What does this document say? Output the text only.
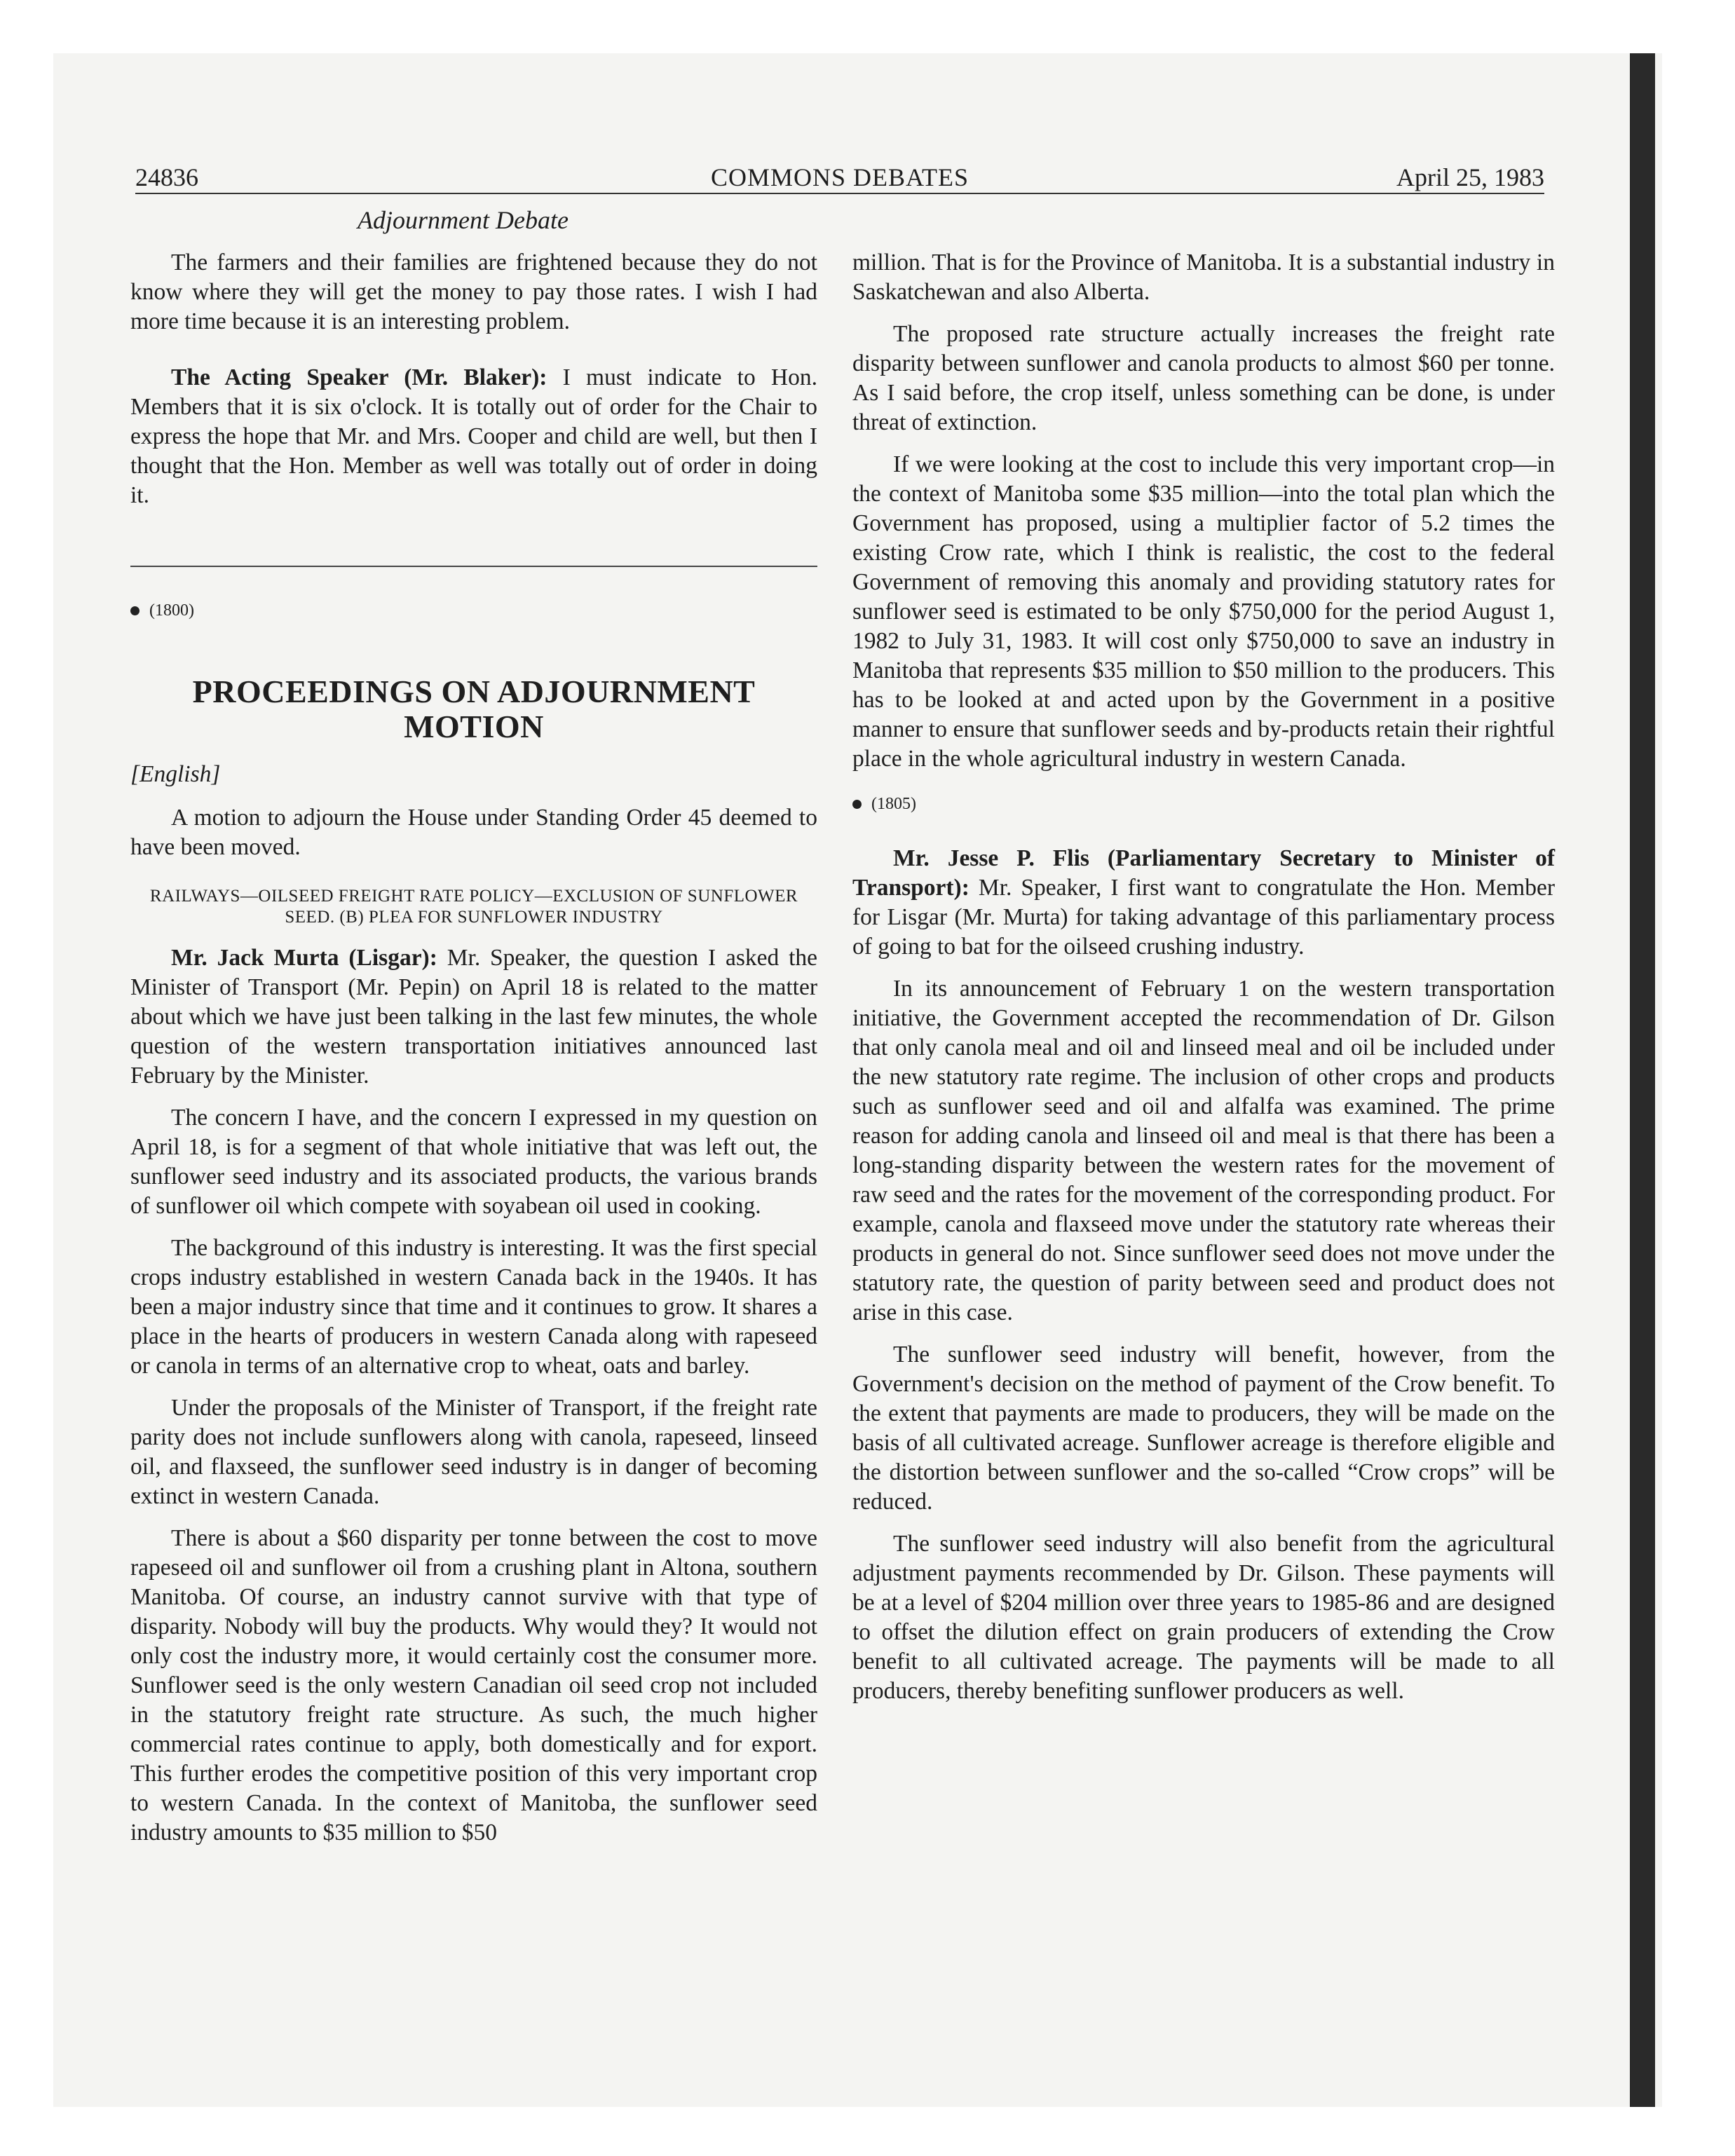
24836	COMMONS DEBATES	April 25, 1983
Adjournment Debate

The farmers and their families are frightened because they do not know where they will get the money to pay those rates. I wish I had more time because it is an interesting problem.

The Acting Speaker (Mr. Blaker): I must indicate to Hon. Members that it is six o'clock. It is totally out of order for the Chair to express the hope that Mr. and Mrs. Cooper and child are well, but then I thought that the Hon. Member as well was totally out of order in doing it.

(1800)
PROCEEDINGS ON ADJOURNMENT MOTION
[English]

A motion to adjourn the House under Standing Order 45 deemed to have been moved.

RAILWAYS—OILSEED FREIGHT RATE POLICY—EXCLUSION OF SUNFLOWER SEED. (B) PLEA FOR SUNFLOWER INDUSTRY

Mr. Jack Murta (Lisgar): Mr. Speaker, the question I asked the Minister of Transport (Mr. Pepin) on April 18 is related to the matter about which we have just been talking in the last few minutes, the whole question of the western transportation initiatives announced last February by the Minister.

The concern I have, and the concern I expressed in my question on April 18, is for a segment of that whole initiative that was left out, the sunflower seed industry and its associated products, the various brands of sunflower oil which compete with soyabean oil used in cooking.

The background of this industry is interesting. It was the first special crops industry established in western Canada back in the 1940s. It has been a major industry since that time and it continues to grow. It shares a place in the hearts of producers in western Canada along with rapeseed or canola in terms of an alternative crop to wheat, oats and barley.

Under the proposals of the Minister of Transport, if the freight rate parity does not include sunflowers along with canola, rapeseed, linseed oil, and flaxseed, the sunflower seed industry is in danger of becoming extinct in western Canada.

There is about a $60 disparity per tonne between the cost to move rapeseed oil and sunflower oil from a crushing plant in Altona, southern Manitoba. Of course, an industry cannot survive with that type of disparity. Nobody will buy the products. Why would they? It would not only cost the industry more, it would certainly cost the consumer more. Sunflower seed is the only western Canadian oil seed crop not included in the statutory freight rate structure. As such, the much higher commercial rates continue to apply, both domestically and for export. This further erodes the competitive position of this very important crop to western Canada. In the context of Manitoba, the sunflower seed industry amounts to $35 million to $50

million. That is for the Province of Manitoba. It is a substantial industry in Saskatchewan and also Alberta.

The proposed rate structure actually increases the freight rate disparity between sunflower and canola products to almost $60 per tonne. As I said before, the crop itself, unless something can be done, is under threat of extinction.

If we were looking at the cost to include this very important crop—in the context of Manitoba some $35 million—into the total plan which the Government has proposed, using a multiplier factor of 5.2 times the existing Crow rate, which I think is realistic, the cost to the federal Government of removing this anomaly and providing statutory rates for sunflower seed is estimated to be only $750,000 for the period August 1, 1982 to July 31, 1983. It will cost only $750,000 to save an industry in Manitoba that represents $35 million to $50 million to the producers. This has to be looked at and acted upon by the Government in a positive manner to ensure that sunflower seeds and by-products retain their rightful place in the whole agricultural industry in western Canada.

(1805)

Mr. Jesse P. Flis (Parliamentary Secretary to Minister of Transport): Mr. Speaker, I first want to congratulate the Hon. Member for Lisgar (Mr. Murta) for taking advantage of this parliamentary process of going to bat for the oilseed crushing industry.

In its announcement of February 1 on the western transportation initiative, the Government accepted the recommendation of Dr. Gilson that only canola meal and oil and linseed meal and oil be included under the new statutory rate regime. The inclusion of other crops and products such as sunflower seed and oil and alfalfa was examined. The prime reason for adding canola and linseed oil and meal is that there has been a long-standing disparity between the western rates for the movement of raw seed and the rates for the movement of the corresponding product. For example, canola and flaxseed move under the statutory rate whereas their products in general do not. Since sunflower seed does not move under the statutory rate, the question of parity between seed and product does not arise in this case.

The sunflower seed industry will benefit, however, from the Government's decision on the method of payment of the Crow benefit. To the extent that payments are made to producers, they will be made on the basis of all cultivated acreage. Sunflower acreage is therefore eligible and the distortion between sunflower and the so-called “Crow crops” will be reduced.

The sunflower seed industry will also benefit from the agricultural adjustment payments recommended by Dr. Gilson. These payments will be at a level of $204 million over three years to 1985-86 and are designed to offset the dilution effect on grain producers of extending the Crow benefit to all cultivated acreage. The payments will be made to all producers, thereby benefiting sunflower producers as well.
